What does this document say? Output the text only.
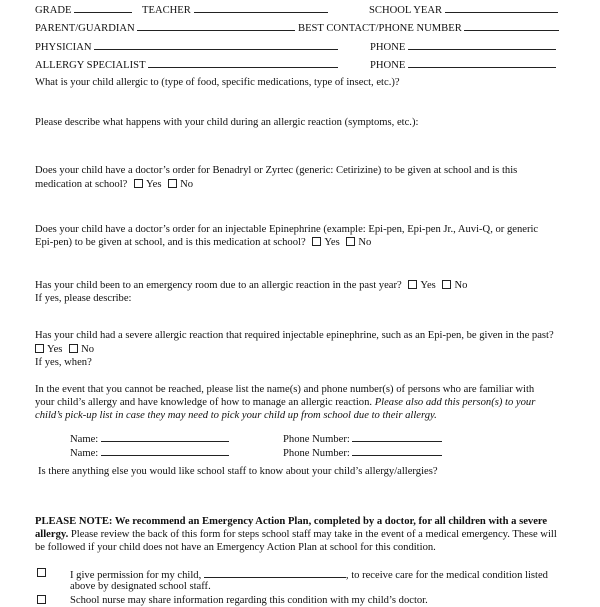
GRADE	TEACHER	SCHOOL YEAR
PARENT/GUARDIAN	BEST CONTACT/PHONE NUMBER
PHYSICIAN	PHONE
ALLERGY SPECIALIST	PHONE
What is your child allergic to (type of food, specific medications, type of insect, etc.)?
Please describe what happens with your child during an allergic reaction (symptoms, etc.):
Does your child have a doctor’s order for Benadryl or Zyrtec (generic: Cetirizine) to be given at school and is this
medication at school? Yes No
Does your child have a doctor’s order for an injectable Epinephrine (example: Epi-pen, Epi-pen Jr., Auvi-Q, or generic
Epi-pen) to be given at school, and is this medication at school? Yes No
Has your child been to an emergency room due to an allergic reaction in the past year? Yes No
If yes, please describe:
Has your child had a severe allergic reaction that required injectable epinephrine, such as an Epi-pen, be given in the past?
Yes No
If yes, when?
In the event that you cannot be reached, please list the name(s) and phone number(s) of persons who are familiar with
your child’s allergy and have knowledge of how to manage an allergic reaction. Please also add this person(s) to your
child’s pick-up list in case they may need to pick your child up from school due to their allergy.
Name:	Phone Number:
Name:	Phone Number:
Is there anything else you would like school staff to know about your child’s allergy/allergies?
PLEASE NOTE: We recommend an Emergency Action Plan, completed by a doctor, for all children with a severe
allergy. Please review the back of this form for steps school staff may take in the event of a medical emergency. These will
be followed if your child does not have an Emergency Action Plan at school for this condition.
I give permission for my child,	, to receive care for the medical condition listed
above by designated school staff.
School nurse may share information regarding this condition with my child’s doctor.
